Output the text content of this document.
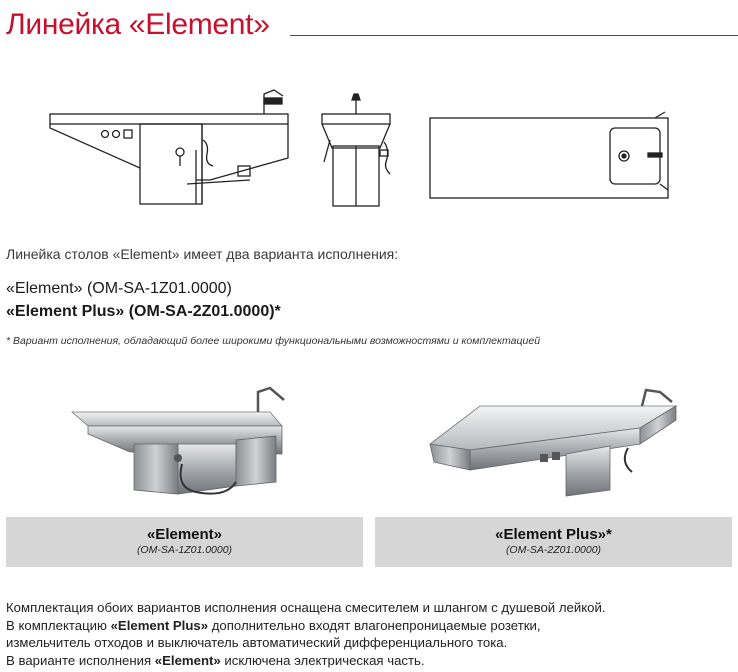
Линейка «Element»
Линейка столов «Element» имеет два варианта исполнения:
«Element» (OM-SA-1Z01.0000)
«Element Plus» (OM-SA-2Z01.0000)*
* Вариант исполнения, обладающий более широкими функциональными возможностями и комплектацией
«Element»
(OM-SA-1Z01.0000)
«Element Plus»*
(OM-SA-2Z01.0000)
Комплектация обоих вариантов исполнения оснащена смесителем и шлангом с душевой лейкой.
В комплектацию «Element Plus» дополнительно входят влагонепроницаемые розетки,
измельчитель отходов и выключатель автоматический дифференциального тока.
В варианте исполнения «Element» исключена электрическая часть.
